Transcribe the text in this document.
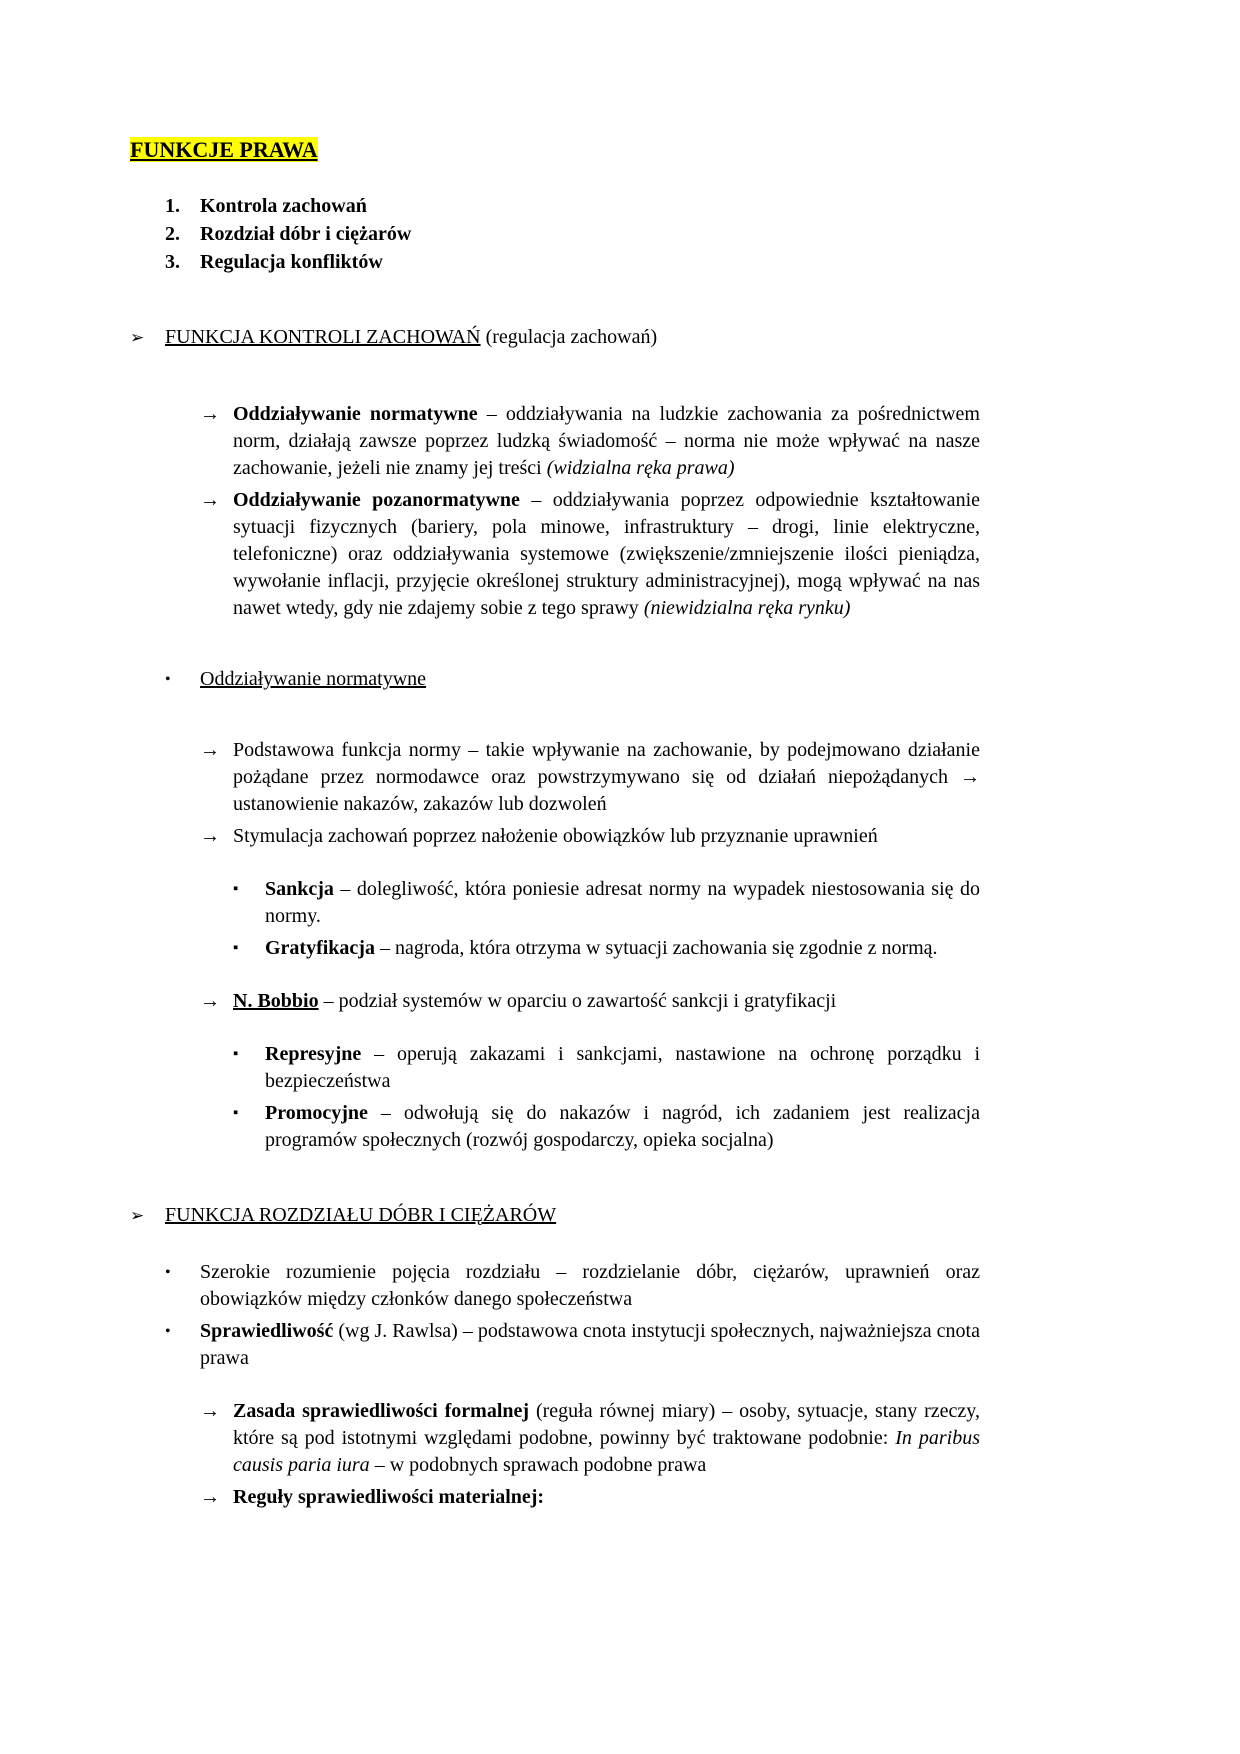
FUNKCJE PRAWA
1.	Kontrola zachowań
2.	Rozdział dóbr i ciężarów
3.	Regulacja konfliktów
➢	FUNKCJA KONTROLI ZACHOWAŃ (regulacja zachowań)
→ Oddziaływanie normatywne – oddziaływania na ludzkie zachowania za pośrednictwem norm, działają zawsze poprzez ludzką świadomość – norma nie może wpływać na nasze zachowanie, jeżeli nie znamy jej treści (widzialna ręka prawa)
→ Oddziaływanie pozanormatywne – oddziaływania poprzez odpowiednie kształtowanie sytuacji fizycznych (bariery, pola minowe, infrastruktury – drogi, linie elektryczne, telefoniczne) oraz oddziaływania systemowe (zwiększenie/zmniejszenie ilości pieniądza, wywołanie inflacji, przyjęcie określonej struktury administracyjnej), mogą wpływać na nas nawet wtedy, gdy nie zdajemy sobie z tego sprawy (niewidzialna ręka rynku)
•	Oddziaływanie normatywne
→ Podstawowa funkcja normy – takie wpływanie na zachowanie, by podejmowano działanie pożądane przez normodawce oraz powstrzymywano się od działań niepożądanych → ustanowienie nakazów, zakazów lub dozwoleń
→ Stymulacja zachowań poprzez nałożenie obowiązków lub przyznanie uprawnień
▪	Sankcja – dolegliwość, która poniesie adresat normy na wypadek niestosowania się do normy.
▪	Gratyfikacja – nagroda, która otrzyma w sytuacji zachowania się zgodnie z normą.
→ N. Bobbio – podział systemów w oparciu o zawartość sankcji i gratyfikacji
▪	Represyjne – operują zakazami i sankcjami, nastawione na ochronę porządku i bezpieczeństwa
▪	Promocyjne – odwołują się do nakazów i nagród, ich zadaniem jest realizacja programów społecznych (rozwój gospodarczy, opieka socjalna)
➢	FUNKCJA ROZDZIAŁU DÓBR I CIĘŻARÓW
•	Szerokie rozumienie pojęcia rozdziału – rozdzielanie dóbr, ciężarów, uprawnień oraz obowiązków między członków danego społeczeństwa
•	Sprawiedliwość (wg J. Rawlsa) – podstawowa cnota instytucji społecznych, najważniejsza cnota prawa
→ Zasada sprawiedliwości formalnej (reguła równej miary) – osoby, sytuacje, stany rzeczy, które są pod istotnymi względami podobne, powinny być traktowane podobnie: In paribus causis paria iura – w podobnych sprawach podobne prawa
→ Reguły sprawiedliwości materialnej:
